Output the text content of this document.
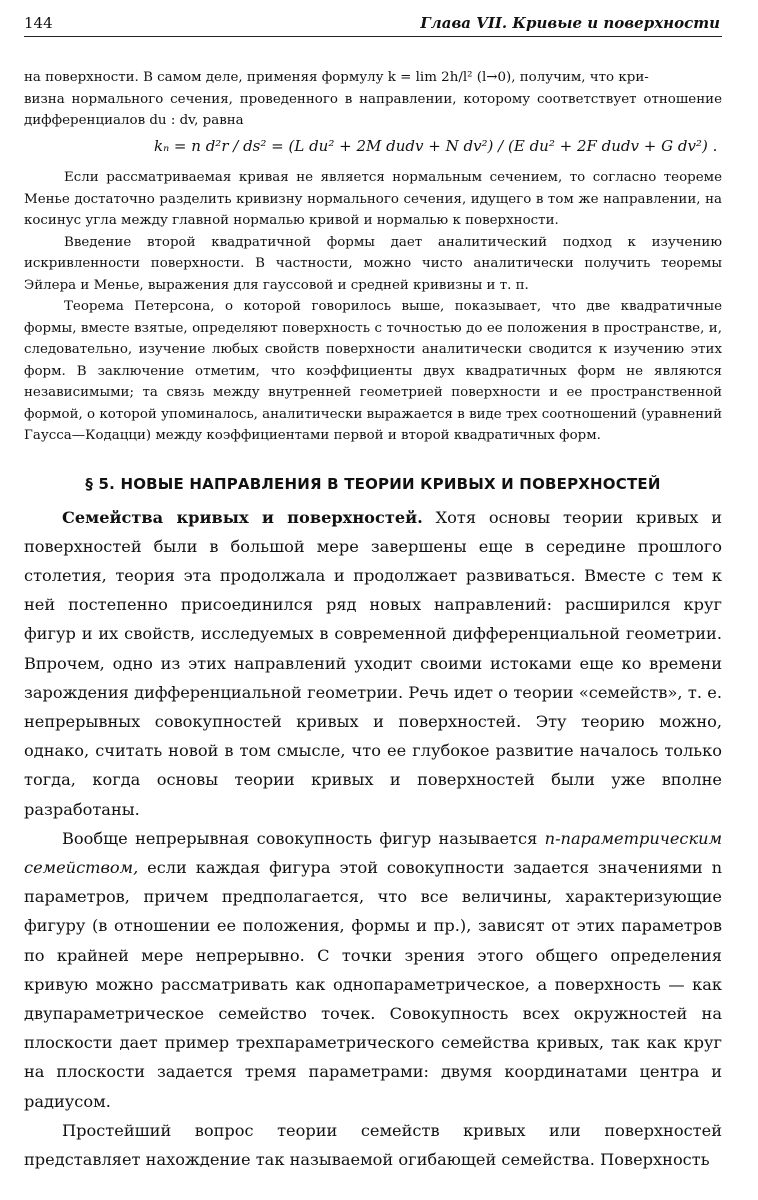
144	Глава VII. Кривые и поверхности

на поверхности. В самом деле, применяя формулу k = lim 2h/l² (l→0), получим, что кри-

визна нормального сечения, проведенного в направлении, которому соответствует отношение дифференциалов du : dv, равна

kₙ = n d²r / ds² = (L du² + 2M dudv + N dv²) / (E du² + 2F dudv + G dv²) .

Если рассматриваемая кривая не является нормальным сечением, то согласно теореме Менье достаточно разделить кривизну нормального сечения, идущего в том же направлении, на косинус угла между главной нормалью кривой и нормалью к поверхности.

Введение второй квадратичной формы дает аналитический подход к изучению искривленности поверхности. В частности, можно чисто аналитически получить теоремы Эйлера и Менье, выражения для гауссовой и средней кривизны и т. п.

Теорема Петерсона, о которой говорилось выше, показывает, что две квадратичные формы, вместе взятые, определяют поверхность с точностью до ее положения в пространстве, и, следовательно, изучение любых свойств поверхности аналитически сводится к изучению этих форм. В заключение отметим, что коэффициенты двух квадратичных форм не являются независимыми; та связь между внутренней геометрией поверхности и ее пространственной формой, о которой упоминалось, аналитически выражается в виде трех соотношений (уравнений Гаусса—Кодацци) между коэффициентами первой и второй квадратичных форм.

§ 5. НОВЫЕ НАПРАВЛЕНИЯ В ТЕОРИИ КРИВЫХ И ПОВЕРХНОСТЕЙ

Семейства кривых и поверхностей. Хотя основы теории кривых и поверхностей были в большой мере завершены еще в середине прошлого столетия, теория эта продолжала и продолжает развиваться. Вместе с тем к ней постепенно присоединился ряд новых направлений: расширился круг фигур и их свойств, исследуемых в современной дифференциальной геометрии. Впрочем, одно из этих направлений уходит своими истоками еще ко времени зарождения дифференциальной геометрии. Речь идет о теории «семейств», т. е. непрерывных совокупностей кривых и поверхностей. Эту теорию можно, однако, считать новой в том смысле, что ее глубокое развитие началось только тогда, когда основы теории кривых и поверхностей были уже вполне разработаны.

Вообще непрерывная совокупность фигур называется n-параметрическим семейством, если каждая фигура этой совокупности задается значениями n параметров, причем предполагается, что все величины, характеризующие фигуру (в отношении ее положения, формы и пр.), зависят от этих параметров по крайней мере непрерывно. С точки зрения этого общего определения кривую можно рассматривать как однопараметрическое, а поверхность — как двупараметрическое семейство точек. Совокупность всех окружностей на плоскости дает пример трехпараметрического семейства кривых, так как круг на плоскости задается тремя параметрами: двумя координатами центра и радиусом.

Простейший вопрос теории семейств кривых или поверхностей представляет нахождение так называемой огибающей семейства. Поверхность
